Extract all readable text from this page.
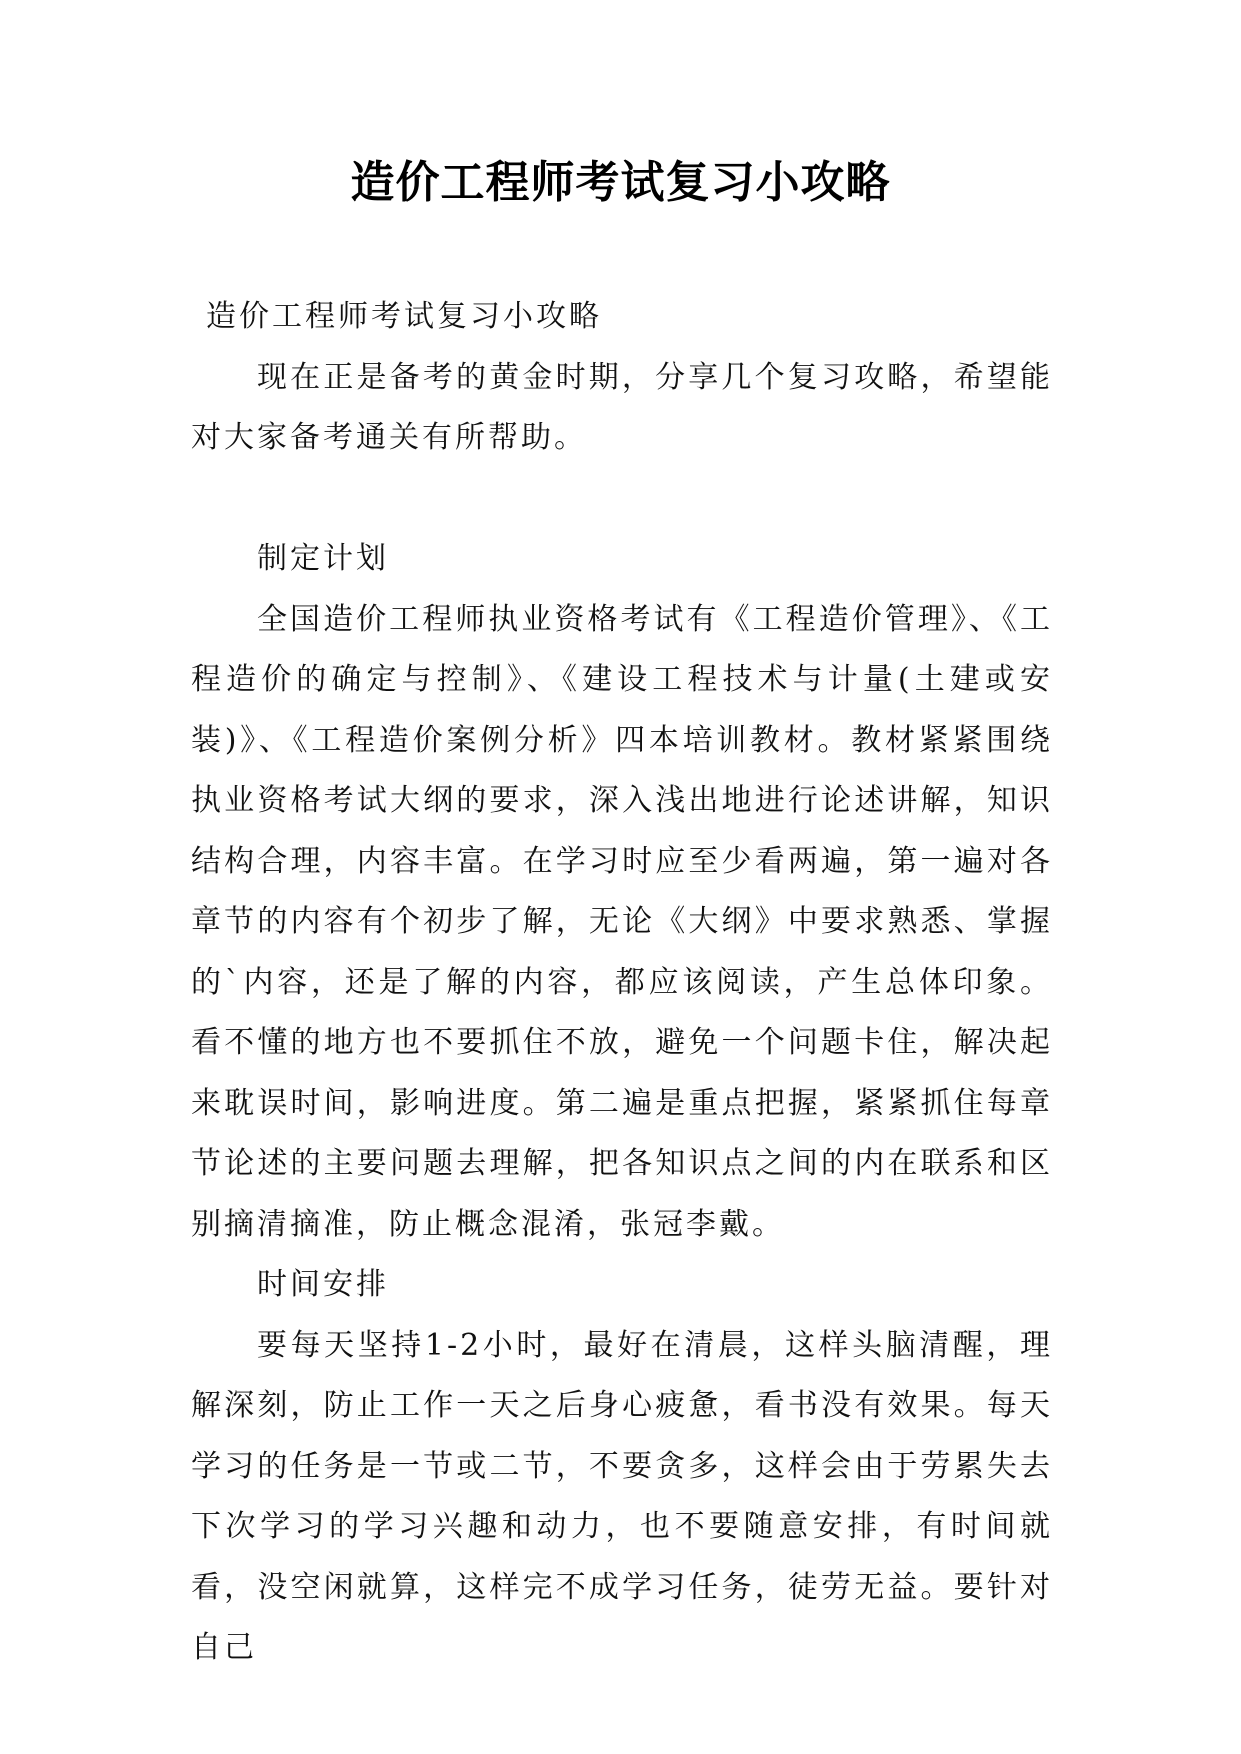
造价工程师考试复习小攻略

造价工程师考试复习小攻略

现在正是备考的黄金时期，分享几个复习攻略，希望能对大家备考通关有所帮助。

制定计划

全国造价工程师执业资格考试有《工程造价管理》、《工程造价的确定与控制》、《建设工程技术与计量(土建或安装)》、《工程造价案例分析》四本培训教材。教材紧紧围绕执业资格考试大纲的要求，深入浅出地进行论述讲解，知识结构合理，内容丰富。在学习时应至少看两遍，第一遍对各章节的内容有个初步了解，无论《大纲》中要求熟悉、掌握的`内容，还是了解的内容，都应该阅读，产生总体印象。看不懂的地方也不要抓住不放，避免一个问题卡住，解决起来耽误时间，影响进度。第二遍是重点把握，紧紧抓住每章节论述的主要问题去理解，把各知识点之间的内在联系和区别摘清摘准，防止概念混淆，张冠李戴。

时间安排

要每天坚持1-2小时，最好在清晨，这样头脑清醒，理解深刻，防止工作一天之后身心疲惫，看书没有效果。每天学习的任务是一节或二节，不要贪多，这样会由于劳累失去下次学习的学习兴趣和动力，也不要随意安排，有时间就看，没空闲就算，这样完不成学习任务，徒劳无益。要针对自己
